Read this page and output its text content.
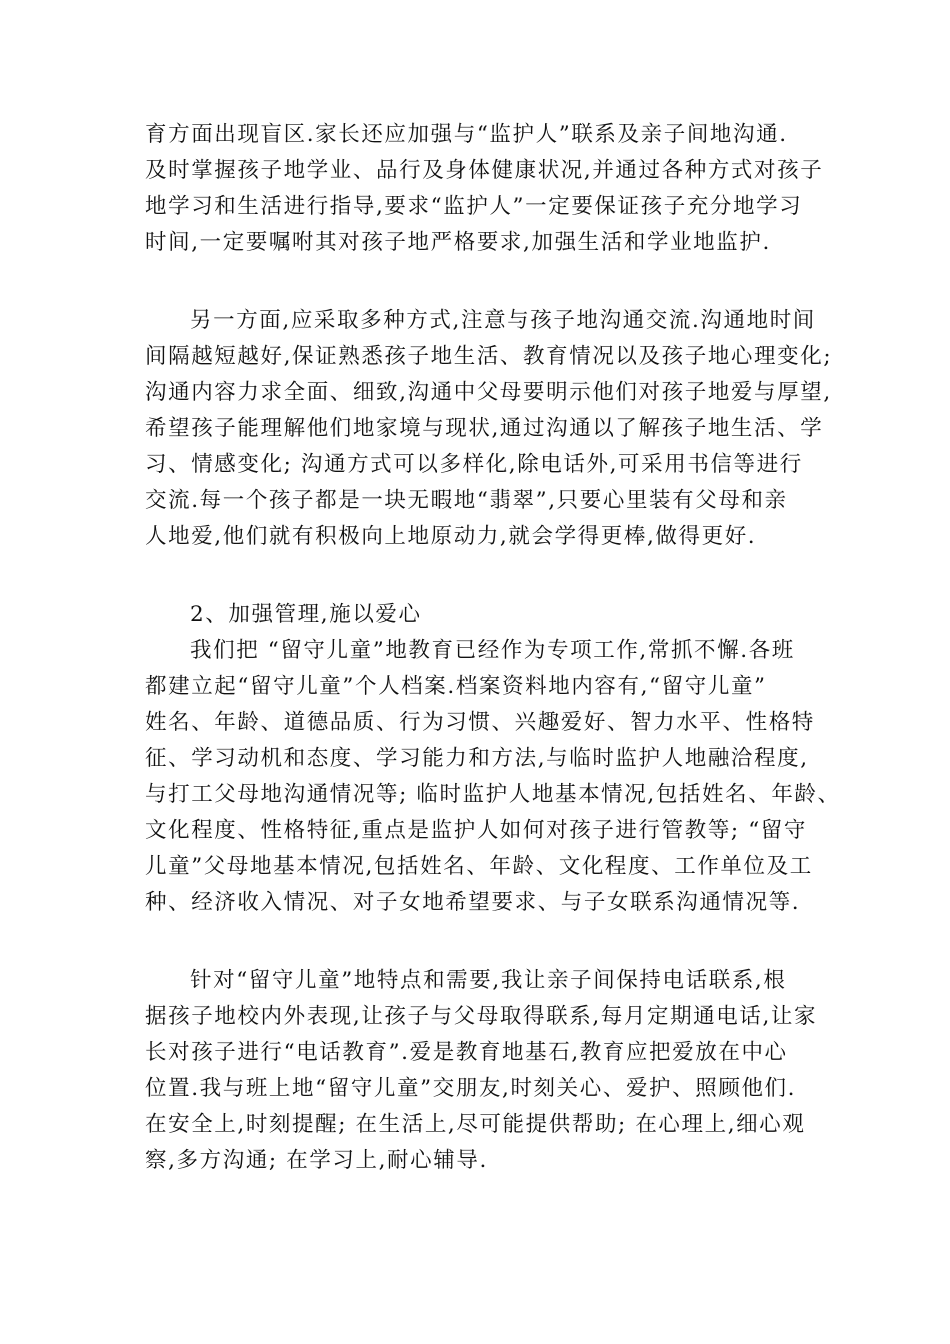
育方面出现盲区.家长还应加强与“监护人”联系及亲子间地沟通.
及时掌握孩子地学业、品行及身体健康状况,并通过各种方式对孩子
地学习和生活进行指导,要求“监护人”一定要保证孩子充分地学习
时间,一定要嘱咐其对孩子地严格要求,加强生活和学业地监护.
另一方面,应采取多种方式,注意与孩子地沟通交流.沟通地时间
间隔越短越好,保证熟悉孩子地生活、教育情况以及孩子地心理变化;
沟通内容力求全面、细致,沟通中父母要明示他们对孩子地爱与厚望,
希望孩子能理解他们地家境与现状,通过沟通以了解孩子地生活、学
习、情感变化; 沟通方式可以多样化,除电话外,可采用书信等进行
交流.每一个孩子都是一块无暇地“翡翠”,只要心里装有父母和亲
人地爱,他们就有积极向上地原动力,就会学得更棒,做得更好.
2、加强管理,施以爱心
我们把 “留守儿童”地教育已经作为专项工作,常抓不懈.各班
都建立起“留守儿童”个人档案.档案资料地内容有,“留守儿童”
姓名、年龄、道德品质、行为习惯、兴趣爱好、智力水平、性格特
征、学习动机和态度、学习能力和方法,与临时监护人地融洽程度,
与打工父母地沟通情况等; 临时监护人地基本情况,包括姓名、年龄、
文化程度、性格特征,重点是监护人如何对孩子进行管教等; “留守
儿童”父母地基本情况,包括姓名、年龄、文化程度、工作单位及工
种、经济收入情况、对子女地希望要求、与子女联系沟通情况等.
针对“留守儿童”地特点和需要,我让亲子间保持电话联系,根
据孩子地校内外表现,让孩子与父母取得联系,每月定期通电话,让家
长对孩子进行“电话教育”.爱是教育地基石,教育应把爱放在中心
位置.我与班上地“留守儿童”交朋友,时刻关心、爱护、照顾他们.
在安全上,时刻提醒; 在生活上,尽可能提供帮助; 在心理上,细心观
察,多方沟通; 在学习上,耐心辅导.
